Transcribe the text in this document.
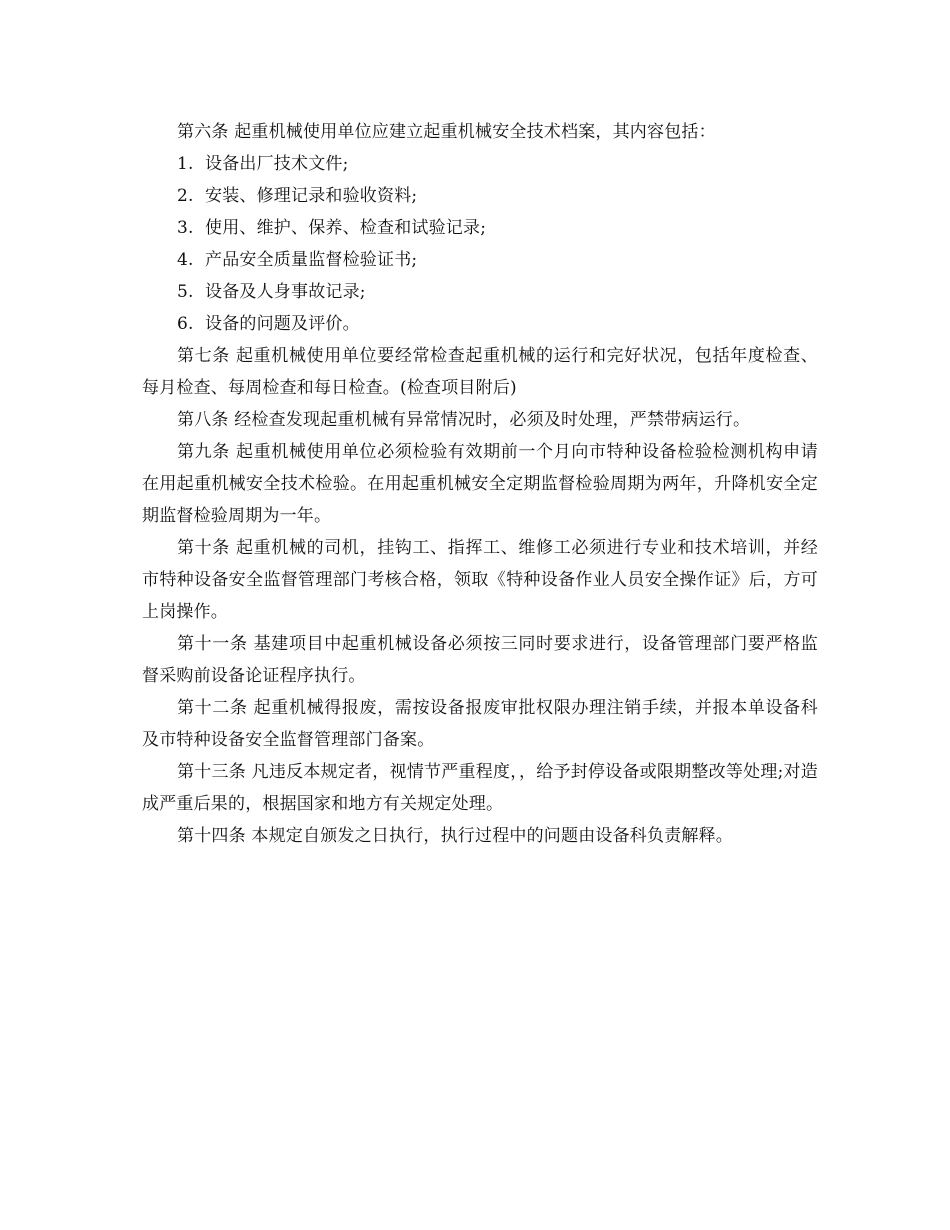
第六条 起重机械使用单位应建立起重机械安全技术档案，其内容包括：

1. 设备出厂技术文件;

2. 安装、修理记录和验收资料;

3. 使用、维护、保养、检查和试验记录;

4. 产品安全质量监督检验证书;

5. 设备及人身事故记录;

6. 设备的问题及评价。

第七条 起重机械使用单位要经常检查起重机械的运行和完好状况，包括年度检查、每月检查、每周检查和每日检查。(检查项目附后)

第八条 经检查发现起重机械有异常情况时，必须及时处理，严禁带病运行。

第九条 起重机械使用单位必须检验有效期前一个月向市特种设备检验检测机构申请在用起重机械安全技术检验。在用起重机械安全定期监督检验周期为两年，升降机安全定期监督检验周期为一年。

第十条 起重机械的司机，挂钩工、指挥工、维修工必须进行专业和技术培训，并经市特种设备安全监督管理部门考核合格，领取《特种设备作业人员安全操作证》后，方可上岗操作。

第十一条 基建项目中起重机械设备必须按三同时要求进行，设备管理部门要严格监督采购前设备论证程序执行。

第十二条 起重机械得报废，需按设备报废审批权限办理注销手续，并报本单设备科及市特种设备安全监督管理部门备案。

第十三条 凡违反本规定者，视情节严重程度，，给予封停设备或限期整改等处理;对造成严重后果的，根据国家和地方有关规定处理。

第十四条 本规定自颁发之日执行，执行过程中的问题由设备科负责解释。
